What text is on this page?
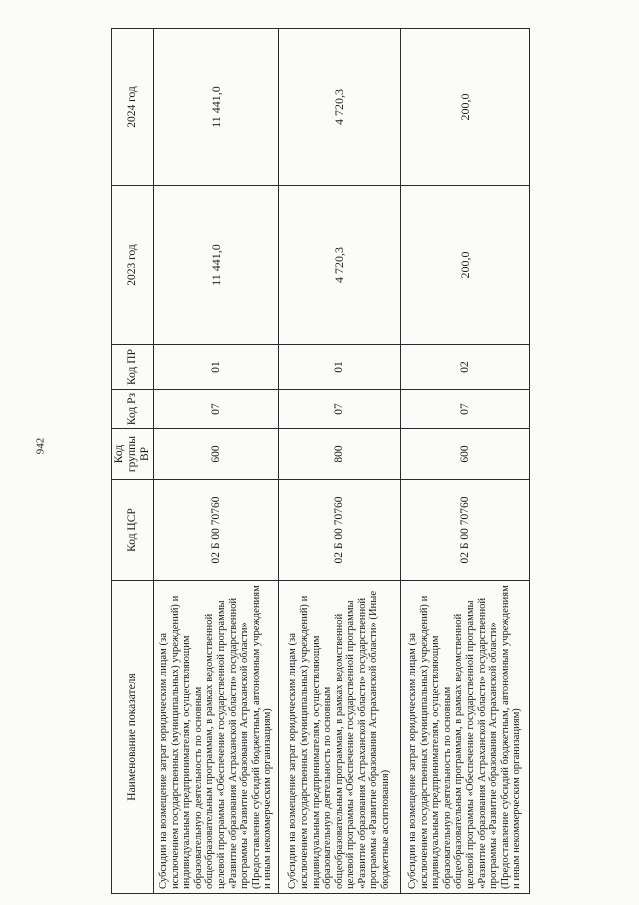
942
Наименование показателя	Код ЦСР	Код группы ВР	Код Рз	Код ПР	2023 год	2024 год
Субсидии на возмещение затрат юридическим лицам (за исключением государственных (муниципальных) учреждений) и индивидуальным предпринимателям, осуществляющим образовательную деятельность по основным общеобразовательным программам, в рамках ведомственной целевой программы «Обеспечение государственной программы «Развитие образования Астраханской области» государственной программы «Развитие образования Астраханской области» (Предоставление субсидий бюджетным, автономным учреждениям и иным некоммерческим организациям)	02 Б 00 70760	600	07	01	11 441,0	11 441,0
Субсидии на возмещение затрат юридическим лицам (за исключением государственных (муниципальных) учреждений) и индивидуальным предпринимателям, осуществляющим образовательную деятельность по основным общеобразовательным программам, в рамках ведомственной целевой программы «Обеспечение государственной программы «Развитие образования Астраханской области» государственной программы «Развитие образования Астраханской области» (Иные бюджетные ассигнования)	02 Б 00 70760	800	07	01	4 720,3	4 720,3
Субсидии на возмещение затрат юридическим лицам (за исключением государственных (муниципальных) учреждений) и индивидуальным предпринимателям, осуществляющим образовательную деятельность по основным общеобразовательным программам, в рамках ведомственной целевой программы «Обеспечение государственной программы «Развитие образования Астраханской области» государственной программы «Развитие образования Астраханской области» (Предоставление субсидий бюджетным, автономным учреждениям и иным некоммерческим организациям)	02 Б 00 70760	600	07	02	200,0	200,0
